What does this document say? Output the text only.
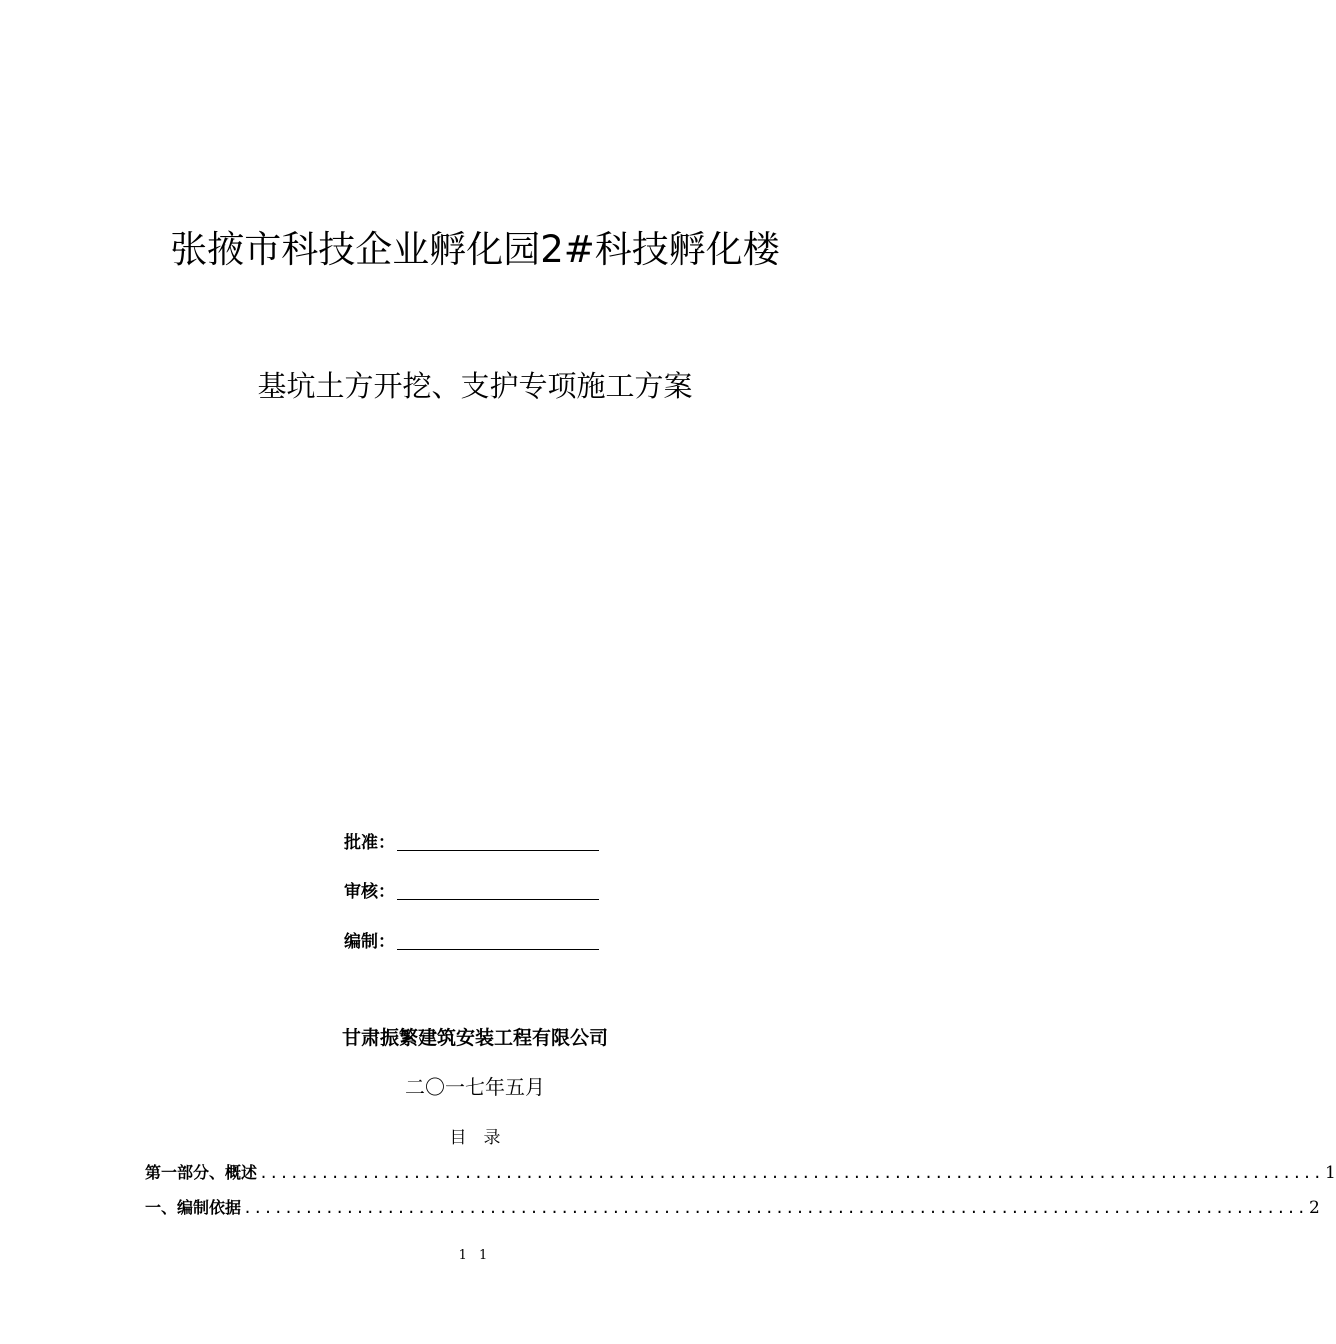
张掖市科技企业孵化园2#科技孵化楼
基坑土方开挖、支护专项施工方案
批准：
审核：
编制：
甘肃振繁建筑安装工程有限公司
二〇一七年五月
目　录
第一部分、概述 ........................................................................................................ 1
一、编制依据 ........................................................................................................ 2
1 1
